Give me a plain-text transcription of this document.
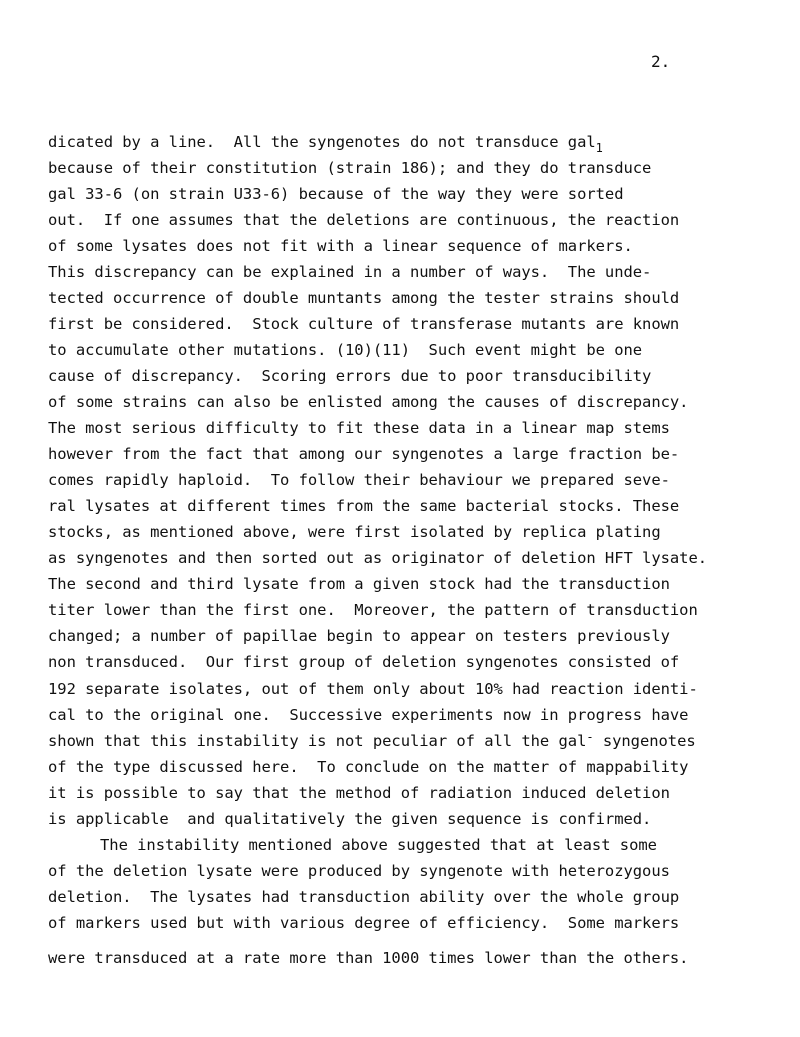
2.
dicated by a line.  All the syngenotes do not transduce gal$_1$
because of their constitution (strain 186); and they do transduce
gal 33-6 (on strain U33-6) because of the way they were sorted
out.  If one assumes that the deletions are continuous, the reaction
of some lysates does not fit with a linear sequence of markers.
This discrepancy can be explained in a number of ways.  The unde-
tected occurrence of double muntants among the tester strains should
first be considered.  Stock culture of transferase mutants are known
to accumulate other mutations. (10)(11)  Such event might be one
cause of discrepancy.  Scoring errors due to poor transducibility
of some strains can also be enlisted among the causes of discrepancy.
The most serious difficulty to fit these data in a linear map stems
however from the fact that among our syngenotes a large fraction be-
comes rapidly haploid.  To follow their behaviour we prepared seve-
ral lysates at different times from the same bacterial stocks. These
stocks, as mentioned above, were first isolated by replica plating
as syngenotes and then sorted out as originator of deletion HFT lysate.
The second and third lysate from a given stock had the transduction
titer lower than the first one.  Moreover, the pattern of transduction
changed; a number of papillae begin to appear on testers previously
non transduced.  Our first group of deletion syngenotes consisted of
192 separate isolates, out of them only about 10% had reaction identi-
cal to the original one.  Successive experiments now in progress have
shown that this instability is not peculiar of all the gal- syngenotes
of the type discussed here.  To conclude on the matter of mappability
it is possible to say that the method of radiation induced deletion
is applicable  and qualitatively the given sequence is confirmed.
The instability mentioned above suggested that at least some
of the deletion lysate were produced by syngenote with heterozygous
deletion.  The lysates had transduction ability over the whole group
of markers used but with various degree of efficiency.  Some markers
were transduced at a rate more than 1000 times lower than the others.
